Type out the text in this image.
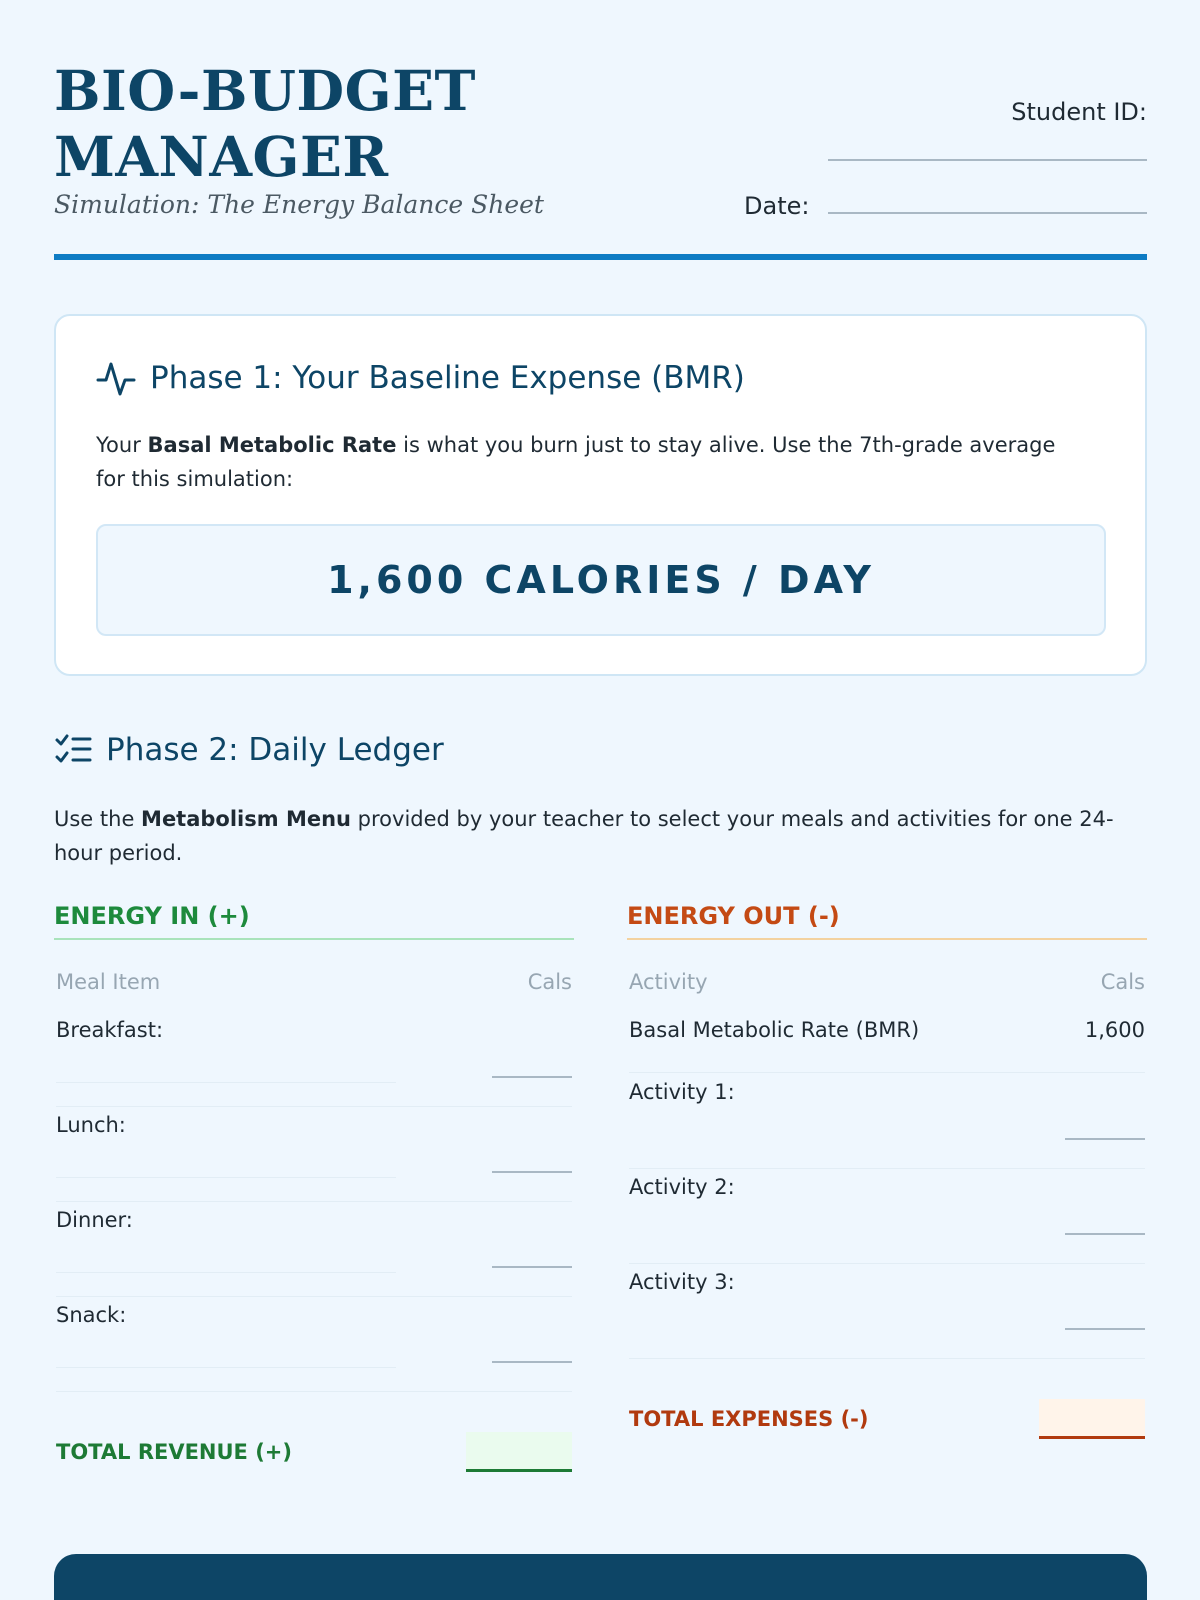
BIO-BUDGET
MANAGER
Simulation: The Energy Balance Sheet
Student ID:
Date:
Phase 1: Your Baseline Expense (BMR)
Your Basal Metabolic Rate is what you burn just to stay alive. Use the 7th-grade average for this simulation:
1,600 CALORIES / DAY
Phase 2: Daily Ledger
Use the Metabolism Menu provided by your teacher to select your meals and activities for one 24-hour period.
ENERGY IN (+)
Meal Item	Cals
Breakfast:
Lunch:
Dinner:
Snack:
TOTAL REVENUE (+)
ENERGY OUT (-)
Activity	Cals
Basal Metabolic Rate (BMR)	1,600
Activity 1:
Activity 2:
Activity 3:
TOTAL EXPENSES (-)
